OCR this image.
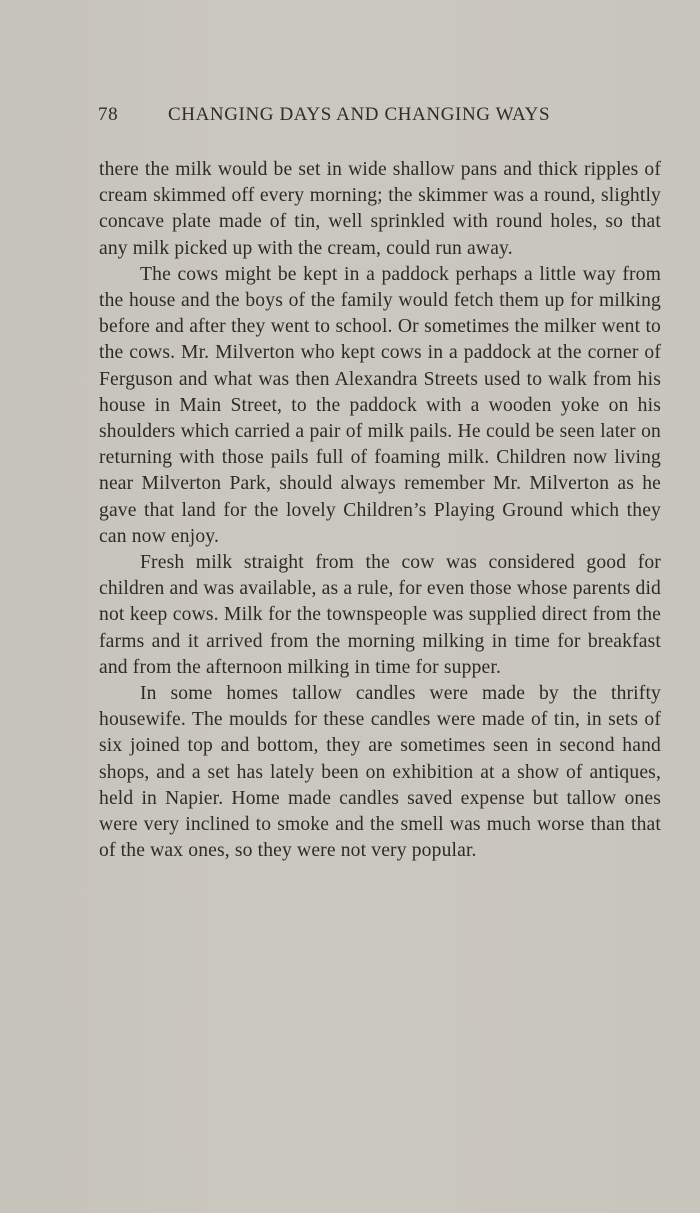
78	CHANGING DAYS AND CHANGING WAYS

there the milk would be set in wide shallow pans and thick ripples of cream skimmed off every morning; the skimmer was a round, slightly concave plate made of tin, well sprinkled with round holes, so that any milk picked up with the cream, could run away.

The cows might be kept in a paddock perhaps a little way from the house and the boys of the family would fetch them up for milking before and after they went to school. Or sometimes the milker went to the cows. Mr. Milverton who kept cows in a paddock at the corner of Ferguson and what was then Alexandra Streets used to walk from his house in Main Street, to the paddock with a wooden yoke on his shoulders which carried a pair of milk pails. He could be seen later on returning with those pails full of foaming milk. Children now living near Milverton Park, should always remember Mr. Milverton as he gave that land for the lovely Children’s Playing Ground which they can now enjoy.

Fresh milk straight from the cow was considered good for children and was available, as a rule, for even those whose parents did not keep cows. Milk for the townspeople was supplied direct from the farms and it arrived from the morning milking in time for breakfast and from the afternoon milking in time for supper.

In some homes tallow candles were made by the thrifty housewife. The moulds for these candles were made of tin, in sets of six joined top and bottom, they are sometimes seen in second hand shops, and a set has lately been on exhibition at a show of antiques, held in Napier. Home made candles saved expense but tallow ones were very inclined to smoke and the smell was much worse than that of the wax ones, so they were not very popular.
